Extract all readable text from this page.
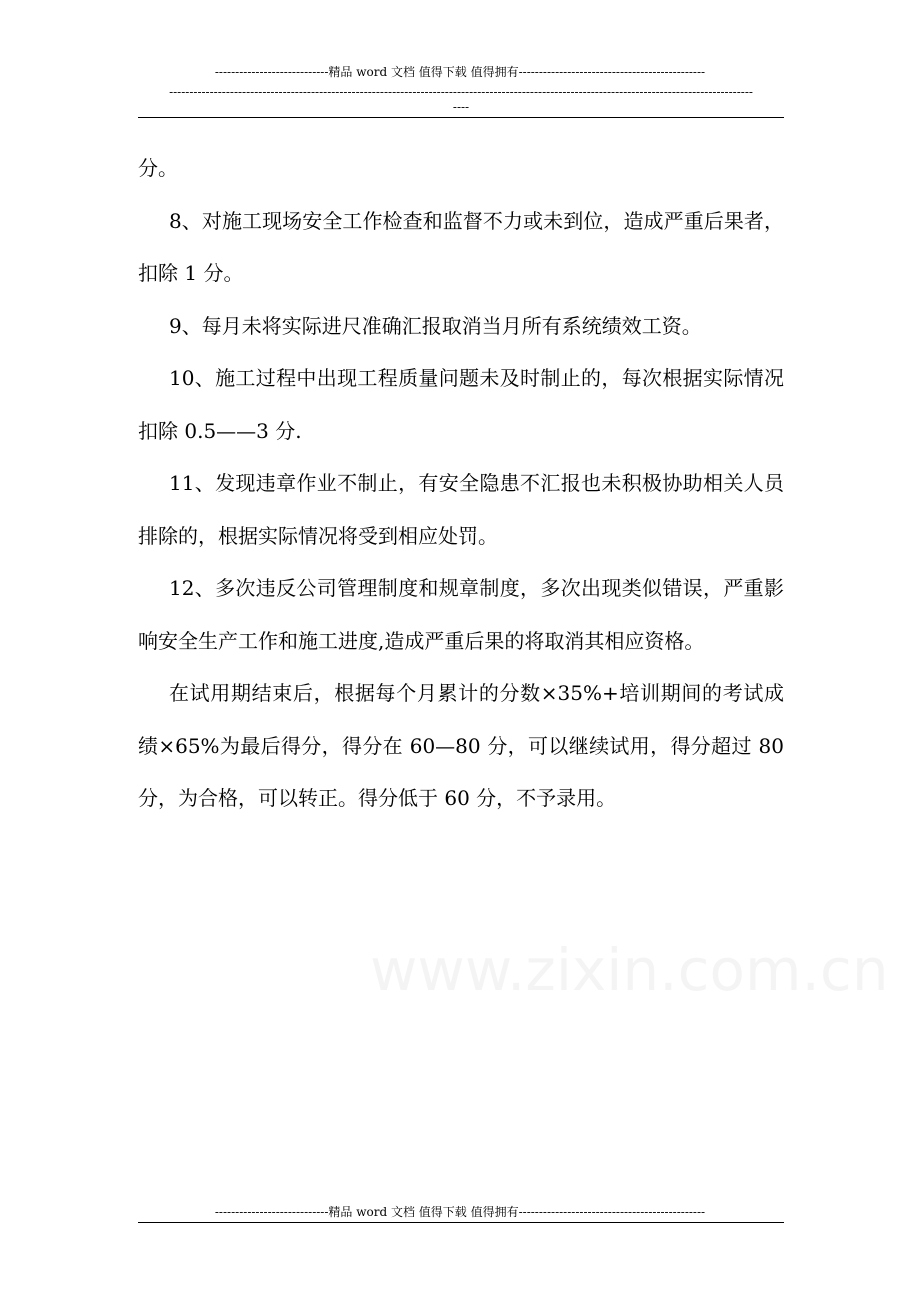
----------------------------精品 word 文档 值得下载 值得拥有----------------------------------------------
------------------------------------------------------------------------------------------------------------------------------------------------
----

分。

8、对施工现场安全工作检查和监督不力或未到位，造成严重后果者，扣除 1 分。

9、每月未将实际进尺准确汇报取消当月所有系统绩效工资。

10、施工过程中出现工程质量问题未及时制止的，每次根据实际情况扣除 0.5——3 分.

11、发现违章作业不制止，有安全隐患不汇报也未积极协助相关人员排除的，根据实际情况将受到相应处罚。

12、多次违反公司管理制度和规章制度，多次出现类似错误，严重影响安全生产工作和施工进度,造成严重后果的将取消其相应资格。

在试用期结束后，根据每个月累计的分数×35%+培训期间的考试成绩×65%为最后得分，得分在 60—80 分，可以继续试用，得分超过 80 分，为合格，可以转正。得分低于 60 分，不予录用。

----------------------------精品 word 文档 值得下载 值得拥有----------------------------------------------
